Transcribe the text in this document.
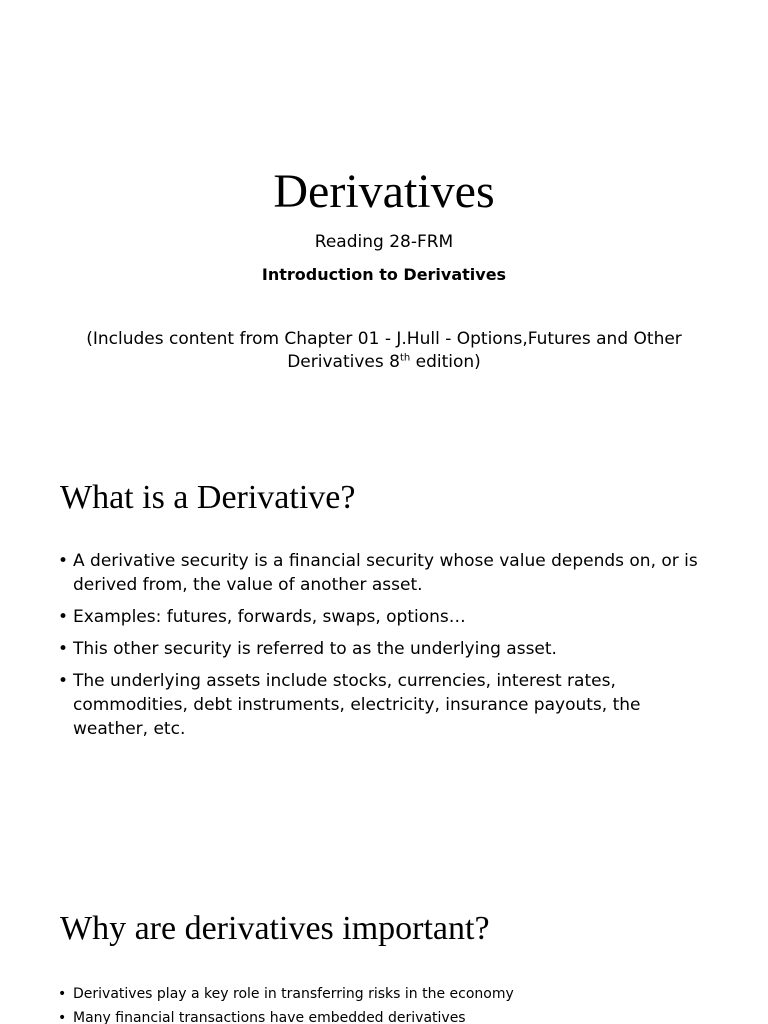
Derivatives
Reading 28-FRM
Introduction to Derivatives
(Includes content from Chapter 01 - J.Hull - Options,Futures and Other Derivatives 8th edition)
What is a Derivative?
• A derivative security is a financial security whose value depends on, or is derived from, the value of another asset.
• Examples: futures, forwards, swaps, options…
• This other security is referred to as the underlying asset.
• The underlying assets include stocks, currencies, interest rates, commodities, debt instruments, electricity, insurance payouts, the weather, etc.
Why are derivatives important?
• Derivatives play a key role in transferring risks in the economy
• Many financial transactions have embedded derivatives
